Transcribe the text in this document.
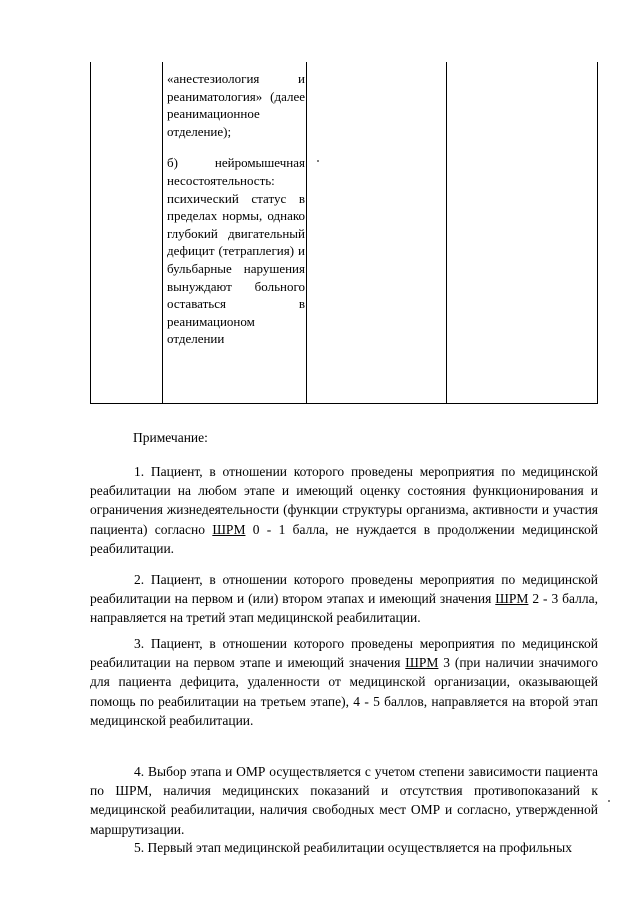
«анестезиология и реаниматология» (далее реанимационное отделение);

б) нейромышечная несостоятельность: психический статус в пределах нормы, однако глубокий двигательный дефицит (тетраплегия) и бульбарные нарушения вынуждают больного оставаться в реанимационом отделении

Примечание:
1. Пациент, в отношении которого проведены мероприятия по медицинской реабилитации на любом этапе и имеющий оценку состояния функционирования и ограничения жизнедеятельности (функции структуры организма, активности и участия пациента) согласно ШРМ 0 - 1 балла, не нуждается в продолжении медицинской реабилитации.
2. Пациент, в отношении которого проведены мероприятия по медицинской реабилитации на первом и (или) втором этапах и имеющий значения ШРМ 2 - 3 балла, направляется на третий этап медицинской реабилитации.
3. Пациент, в отношении которого проведены мероприятия по медицинской реабилитации на первом этапе и имеющий значения ШРМ 3 (при наличии значимого для пациента дефицита, удаленности от медицинской организации, оказывающей помощь по реабилитации на третьем этапе), 4 - 5 баллов, направляется на второй этап медицинской реабилитации.
4. Выбор этапа и ОМР осуществляется с учетом степени зависимости пациента по ШРМ, наличия медицинских показаний и отсутствия противопоказаний к медицинской реабилитации, наличия свободных мест ОМР и согласно, утвержденной маршрутизации.
5. Первый этап медицинской реабилитации осуществляется на профильных
